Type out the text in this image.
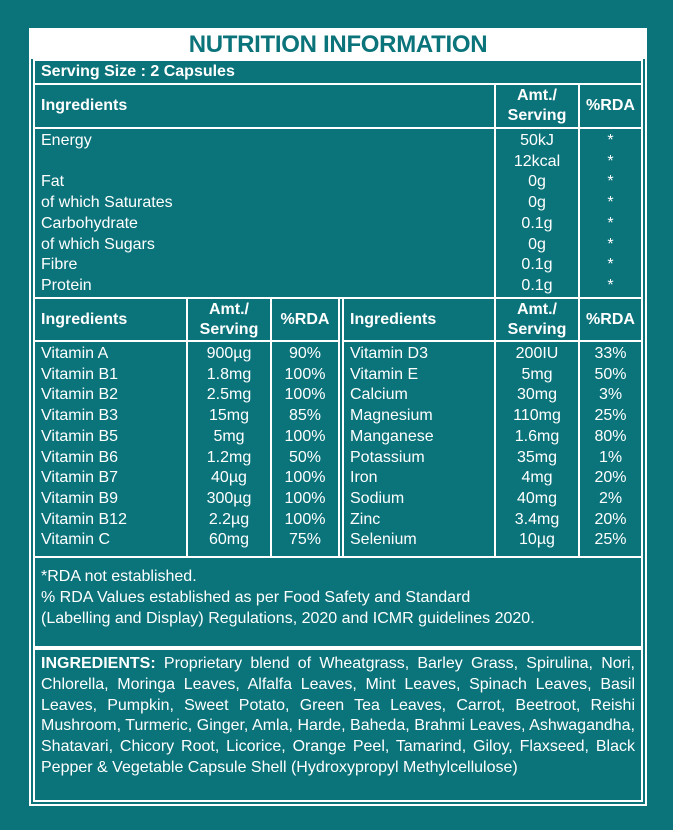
NUTRITION INFORMATION
Serving Size : 2 Capsules
Ingredients
Amt./
Serving
%RDA
Energy
Fat
of which Saturates
Carbohydrate
of which Sugars
Fibre
Protein
50kJ
12kcal
0g
0g
0.1g
0g
0.1g
0.1g
*
*
*
*
*
*
*
*
Ingredients
Amt./
Serving
%RDA	Ingredients
Amt./
Serving
%RDA
Vitamin A
Vitamin B1
Vitamin B2
Vitamin B3
Vitamin B5
Vitamin B6
Vitamin B7
Vitamin B9
Vitamin B12
Vitamin C
900µg
1.8mg
2.5mg
15mg
5mg
1.2mg
40µg
300µg
2.2µg
60mg
90%
100%
100%
85%
100%
50%
100%
100%
100%
75%
Vitamin D3
Vitamin E
Calcium
Magnesium
Manganese
Potassium
Iron
Sodium
Zinc
Selenium
200IU
5mg
30mg
110mg
1.6mg
35mg
4mg
40mg
3.4mg
10µg
33%
50%
3%
25%
80%
1%
20%
2%
20%
25%
*RDA not established.
% RDA Values established as per Food Safety and Standard
(Labelling and Display) Regulations, 2020 and ICMR guidelines 2020.
INGREDIENTS: Proprietary blend of Wheatgrass, Barley Grass, Spirulina, Nori, Chlorella, Moringa Leaves, Alfalfa Leaves, Mint Leaves, Spinach Leaves, Basil Leaves, Pumpkin, Sweet Potato, Green Tea Leaves, Carrot, Beetroot, Reishi Mushroom, Turmeric, Ginger, Amla, Harde, Baheda, Brahmi Leaves, Ashwagandha, Shatavari, Chicory Root, Licorice, Orange Peel, Tamarind, Giloy, Flaxseed, Black Pepper & Vegetable Capsule Shell (Hydroxypropyl Methylcellulose)
